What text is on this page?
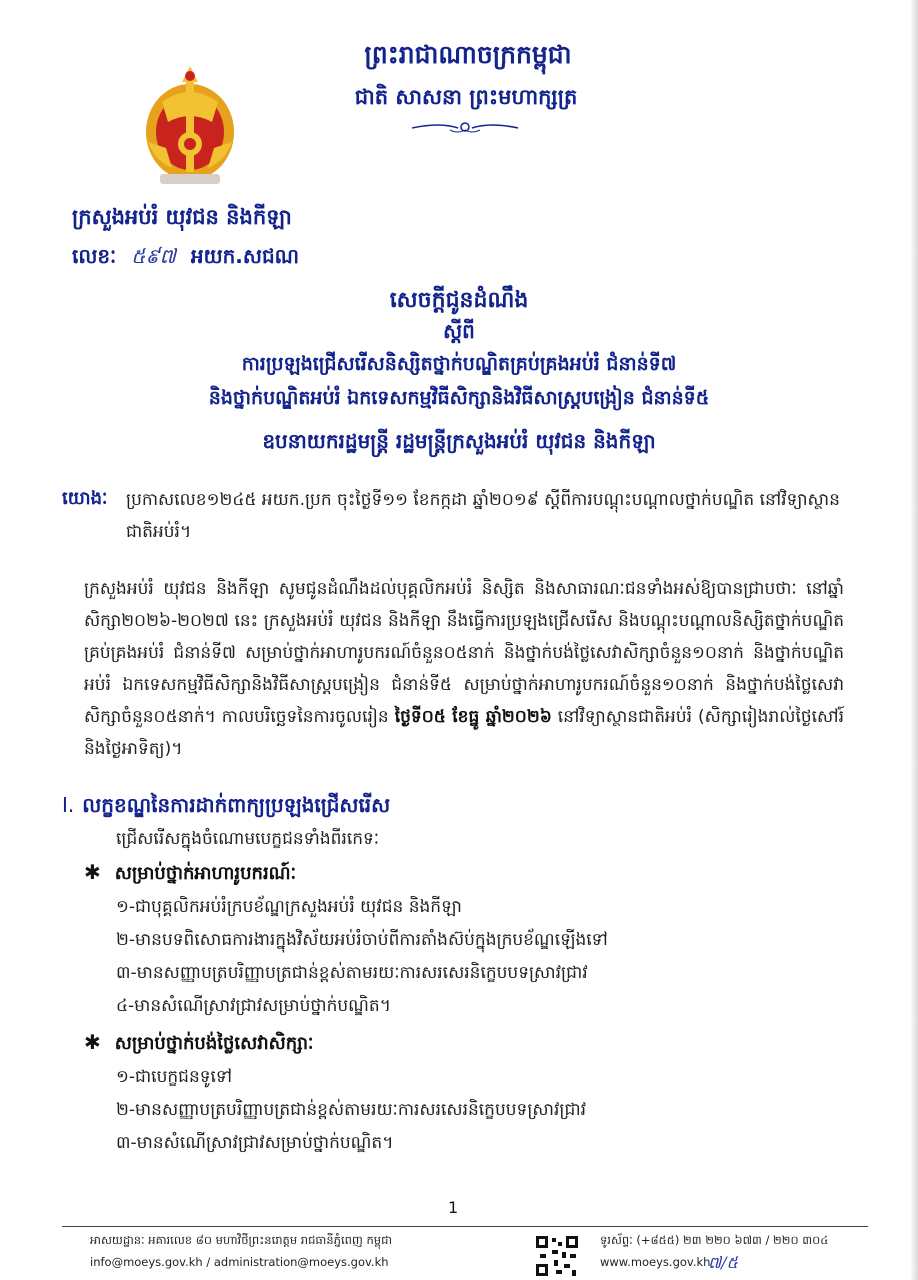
ព្រះរាជាណាចក្រកម្ពុជា
ជាតិ សាសនា ព្រះមហាក្សត្រ
ក្រសួងអប់រំ យុវជន និងកីឡា
លេខៈ ៥៩៧ អយក.សជណ
សេចក្តីជូនដំណឹង
ស្តីពី
ការប្រឡងជ្រើសរើសនិស្សិតថ្នាក់បណ្ឌិតគ្រប់គ្រងអប់រំ ជំនាន់ទី៧
និងថ្នាក់បណ្ឌិតអប់រំ ឯកទេសកម្មវិធីសិក្សានិងវិធីសាស្ត្របង្រៀន ជំនាន់ទី៥
ឧបនាយករដ្ឋមន្ត្រី រដ្ឋមន្ត្រីក្រសួងអប់រំ យុវជន និងកីឡា
យោងៈ ប្រកាសលេខ១២៤៥ អយក.ប្រក ចុះថ្ងៃទី១១ ខែកក្កដា ឆ្នាំ២០១៩ ស្តីពីការបណ្តុះបណ្តាលថ្នាក់បណ្ឌិត នៅវិទ្យាស្ថានជាតិអប់រំ។
ក្រសួងអប់រំ យុវជន និងកីឡា សូមជូនដំណឹងដល់បុគ្គលិកអប់រំ និស្សិត និងសាធារណៈជនទាំងអស់ឱ្យបានជ្រាបថាៈ នៅឆ្នាំសិក្សា២០២៦-២០២៧ នេះ ក្រសួងអប់រំ យុវជន និងកីឡា នឹងធ្វើការប្រឡងជ្រើសរើស និងបណ្តុះបណ្តាលនិស្សិតថ្នាក់បណ្ឌិតគ្រប់គ្រងអប់រំ ជំនាន់ទី៧ សម្រាប់ថ្នាក់អាហារូបករណ៍ចំនួន០៥នាក់ និងថ្នាក់បង់ថ្លៃសេវាសិក្សាចំនួន១០នាក់ និងថ្នាក់បណ្ឌិតអប់រំ ឯកទេសកម្មវិធីសិក្សានិងវិធីសាស្ត្របង្រៀន ជំនាន់ទី៥ សម្រាប់ថ្នាក់អាហារូបករណ៍ចំនួន១០នាក់ និងថ្នាក់បង់ថ្លៃសេវាសិក្សាចំនួន០៥នាក់។ កាលបរិច្ឆេទនៃការចូលរៀន ថ្ងៃទី០៥ ខែធ្នូ ឆ្នាំ២០២៦ នៅវិទ្យាស្ថានជាតិអប់រំ (សិក្សារៀងរាល់ថ្ងៃសៅរ៍ និងថ្ងៃអាទិត្យ)។
I. លក្ខខណ្ឌនៃការដាក់ពាក្យប្រឡងជ្រើសរើស
ជ្រើសរើសក្នុងចំណោមបេក្ខជនទាំងពីរកេទៈ
✱ សម្រាប់ថ្នាក់អាហារូបករណ៍ៈ
១-ជាបុគ្គលិកអប់រំក្របខ័ណ្ឌក្រសួងអប់រំ យុវជន និងកីឡា
២-មានបទពិសោធការងារក្នុងវិស័យអប់រំចាប់ពីការតាំងស៊ប់ក្នុងក្របខ័ណ្ឌឡើងទៅ
៣-មានសញ្ញាបត្របរិញ្ញាបត្រជាន់ខ្ពស់តាមរយៈការសរសេរនិក្ខេបបទស្រាវជ្រាវ
៤-មានសំណើស្រាវជ្រាវសម្រាប់ថ្នាក់បណ្ឌិត។
✱ សម្រាប់ថ្នាក់បង់ថ្លៃសេវាសិក្សាៈ
១-ជាបេក្ខជនទូទៅ
២-មានសញ្ញាបត្របរិញ្ញាបត្រជាន់ខ្ពស់តាមរយៈការសរសេរនិក្ខេបបទស្រាវជ្រាវ
៣-មានសំណើស្រាវជ្រាវសម្រាប់ថ្នាក់បណ្ឌិត។
1
អាសយដ្ឋានៈ អគារលេខ ៨០ មហាវិថីព្រះនរោត្តម រាជធានីភ្នំពេញ កម្ពុជា
info@moeys.gov.kh / administration@moeys.gov.kh
ទូរស័ព្ទៈ (+៨៥៥) ២៣ ២២០ ៦៧៣ / ២២០ ៣០៤
www.moeys.gov.kh
៧/៥
